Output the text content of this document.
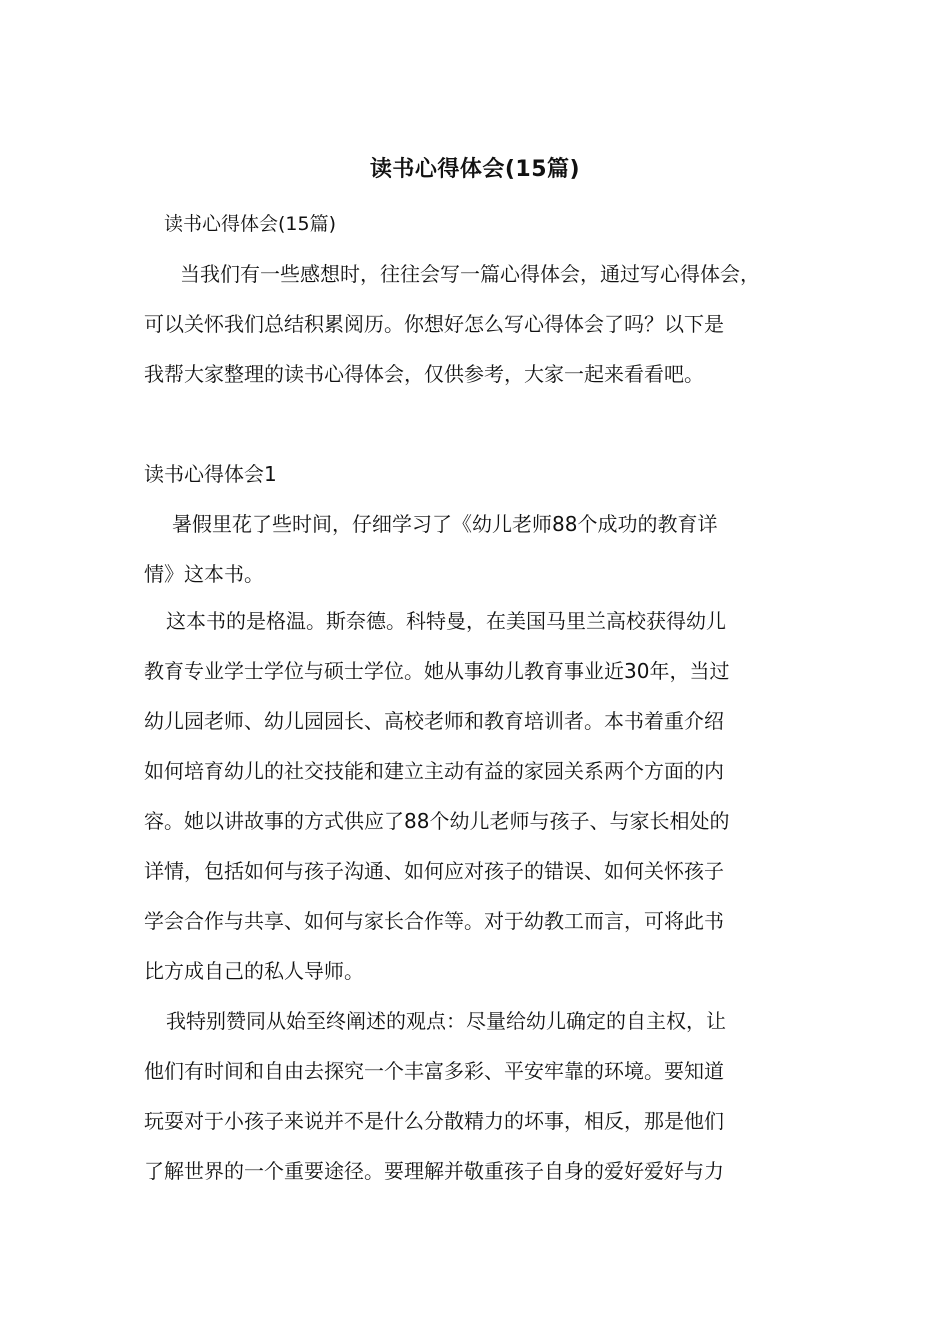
读书心得体会(15篇)
读书心得体会(15篇)
当我们有一些感想时，往往会写一篇心得体会，通过写心得体会，
可以关怀我们总结积累阅历。你想好怎么写心得体会了吗？以下是
我帮大家整理的读书心得体会，仅供参考，大家一起来看看吧。
读书心得体会1
暑假里花了些时间，仔细学习了《幼儿老师88个成功的教育详
情》这本书。
这本书的是格温。斯奈德。科特曼，在美国马里兰高校获得幼儿
教育专业学士学位与硕士学位。她从事幼儿教育事业近30年，当过
幼儿园老师、幼儿园园长、高校老师和教育培训者。本书着重介绍
如何培育幼儿的社交技能和建立主动有益的家园关系两个方面的内
容。她以讲故事的方式供应了88个幼儿老师与孩子、与家长相处的
详情，包括如何与孩子沟通、如何应对孩子的错误、如何关怀孩子
学会合作与共享、如何与家长合作等。对于幼教工而言，可将此书
比方成自己的私人导师。
我特别赞同从始至终阐述的观点：尽量给幼儿确定的自主权，让
他们有时间和自由去探究一个丰富多彩、平安牢靠的环境。要知道
玩耍对于小孩子来说并不是什么分散精力的坏事，相反，那是他们
了解世界的一个重要途径。要理解并敬重孩子自身的爱好爱好与力
